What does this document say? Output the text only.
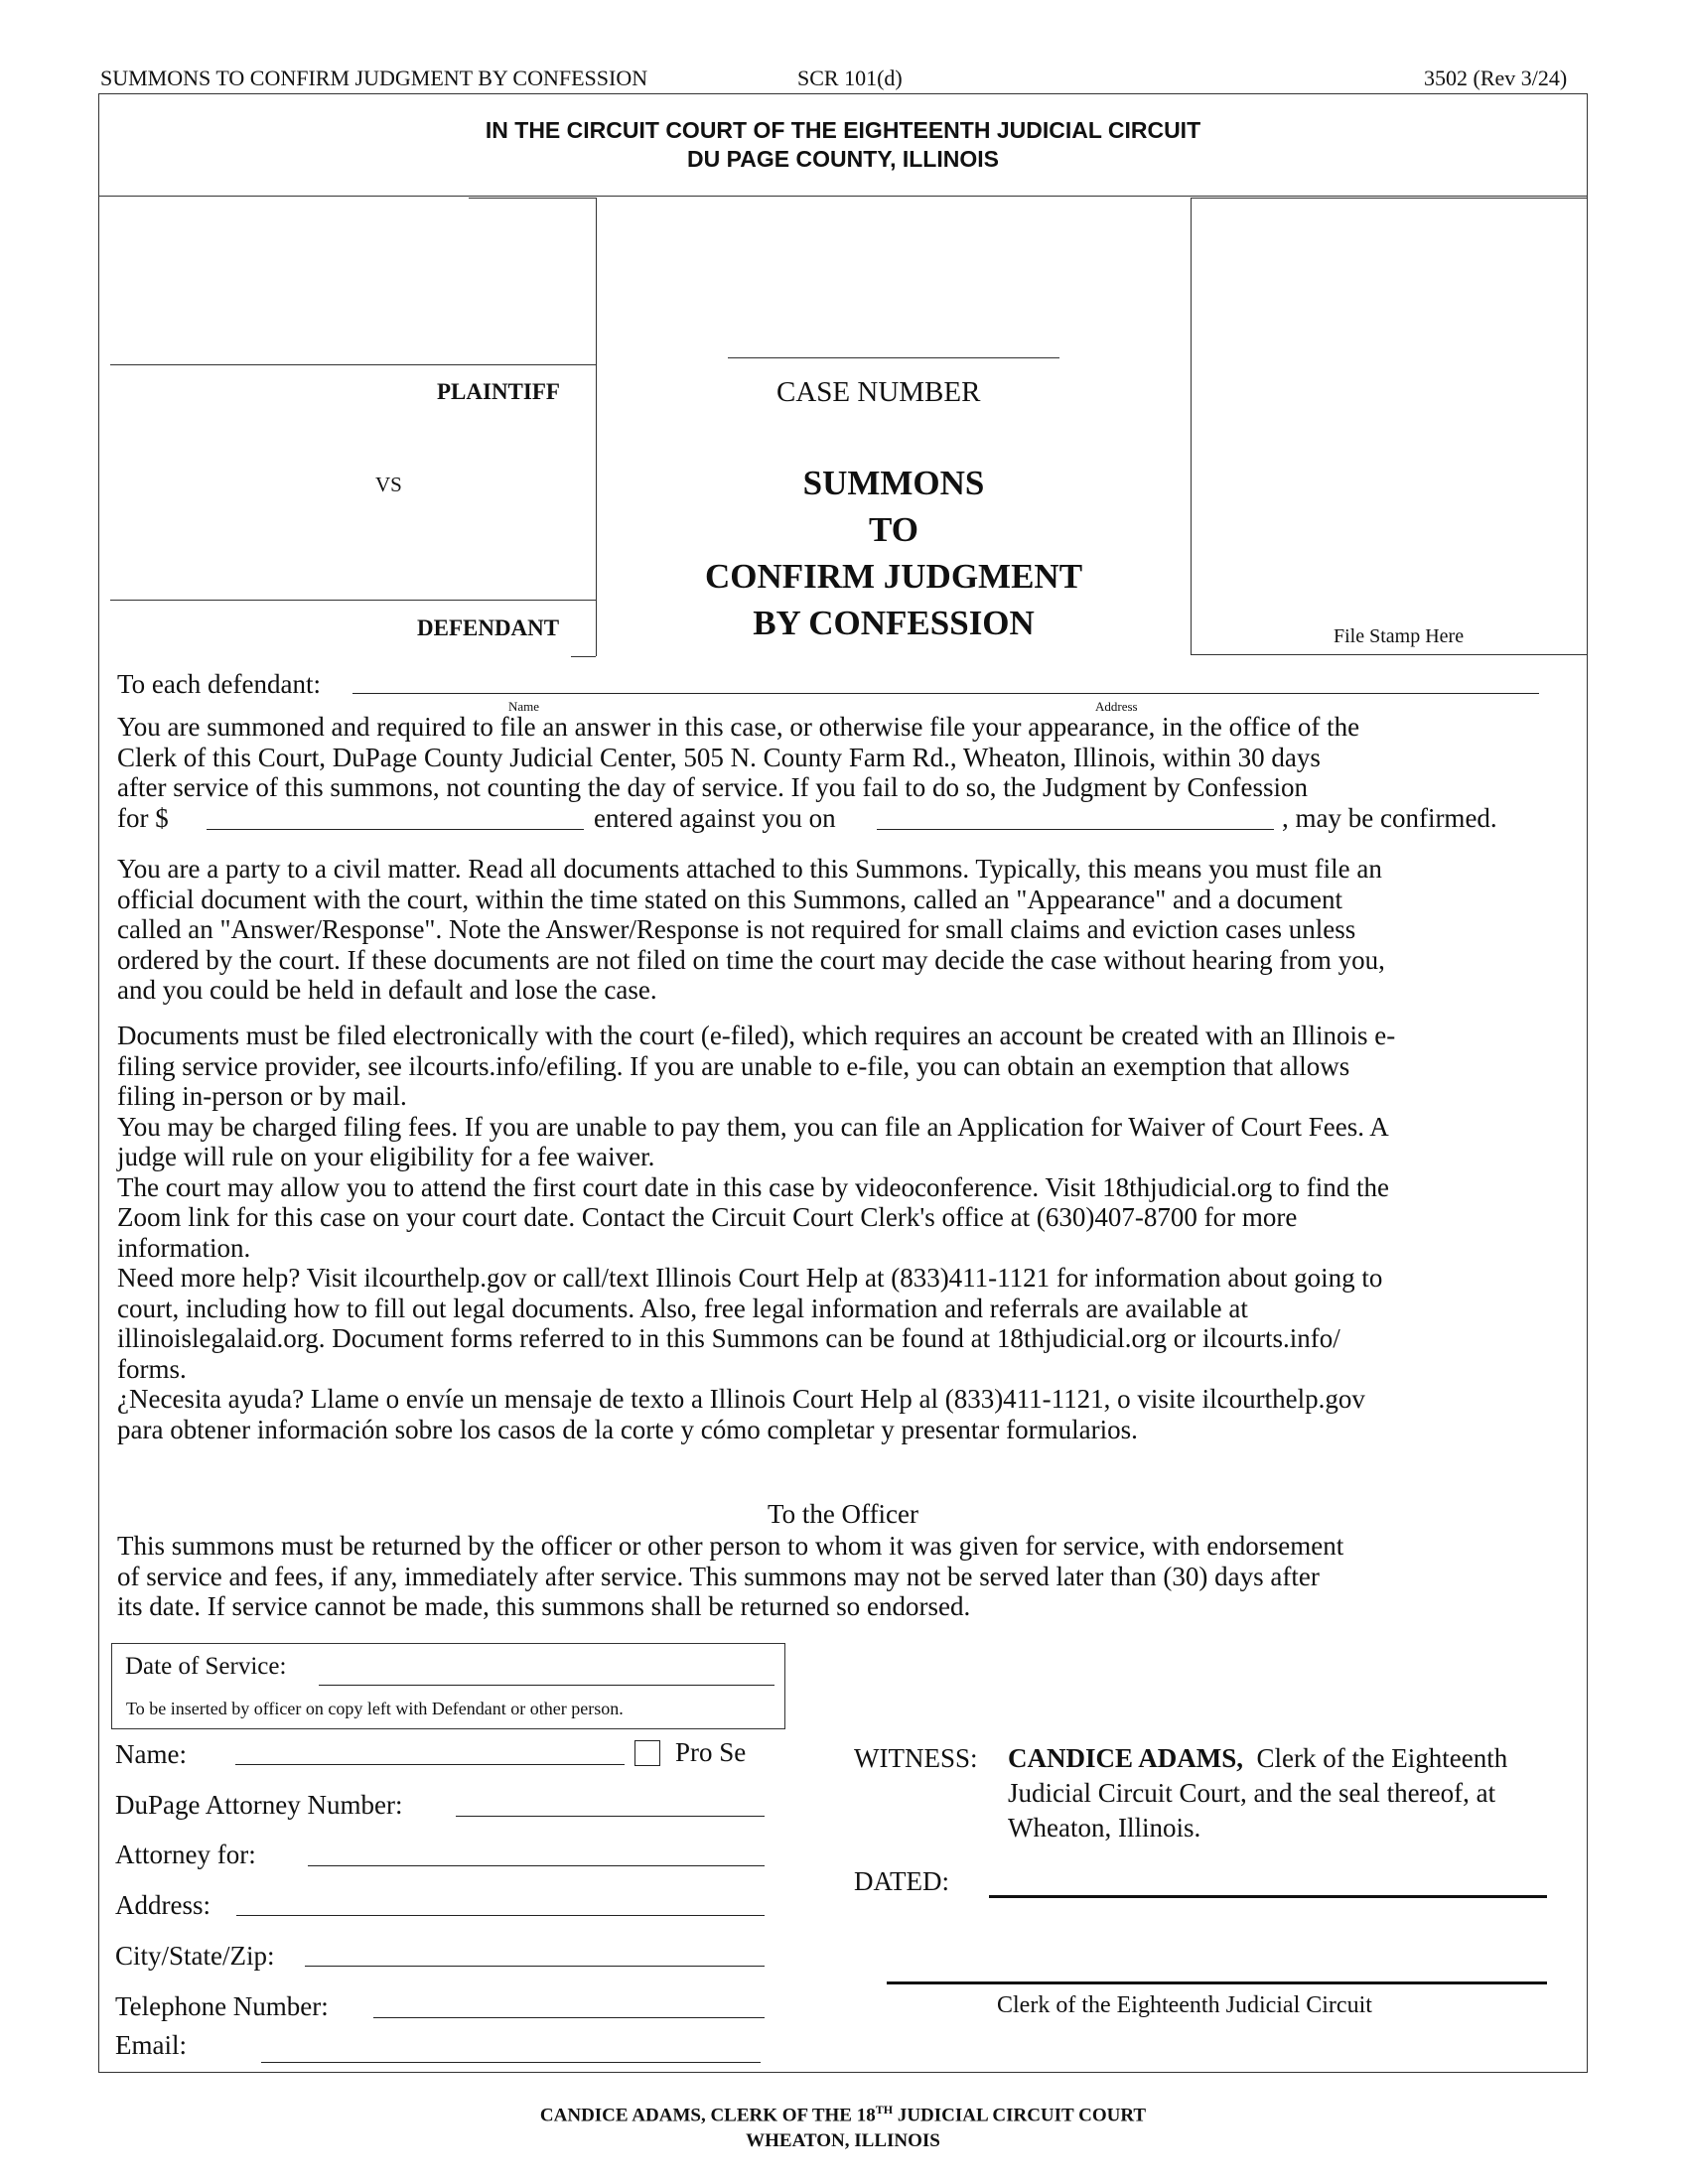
SUMMONS TO CONFIRM JUDGMENT BY CONFESSION	SCR 101(d)	3502 (Rev 3/24)
IN THE CIRCUIT COURT OF THE EIGHTEENTH JUDICIAL CIRCUIT
DU PAGE COUNTY, ILLINOIS
PLAINTIFF
VS
DEFENDANT
CASE NUMBER
SUMMONS
TO
CONFIRM JUDGMENT
BY CONFESSION	File Stamp Here
To each defendant:
Name	Address
You are summoned and required to file an answer in this case, or otherwise file your appearance, in the office of the
Clerk of this Court, DuPage County Judicial Center, 505 N. County Farm Rd., Wheaton, Illinois, within 30 days
after service of this summons, not counting the day of service. If you fail to do so, the Judgment by Confession
for $	entered against you on	, may be confirmed.

You are a party to a civil matter. Read all documents attached to this Summons. Typically, this means you must file an
official document with the court, within the time stated on this Summons, called an "Appearance" and a document
called an "Answer/Response". Note the Answer/Response is not required for small claims and eviction cases unless
ordered by the court. If these documents are not filed on time the court may decide the case without hearing from you,
and you could be held in default and lose the case.

Documents must be filed electronically with the court (e-filed), which requires an account be created with an Illinois e-
filing service provider, see ilcourts.info/efiling. If you are unable to e-file, you can obtain an exemption that allows
filing in-person or by mail.
You may be charged filing fees. If you are unable to pay them, you can file an Application for Waiver of Court Fees. A
judge will rule on your eligibility for a fee waiver.
The court may allow you to attend the first court date in this case by videoconference. Visit 18thjudicial.org to find the
Zoom link for this case on your court date. Contact the Circuit Court Clerk's office at (630)407-8700 for more
information.
Need more help? Visit ilcourthelp.gov or call/text Illinois Court Help at (833)411-1121 for information about going to
court, including how to fill out legal documents. Also, free legal information and referrals are available at
illinoislegalaid.org. Document forms referred to in this Summons can be found at 18thjudicial.org or ilcourts.info/
forms.
¿Necesita ayuda? Llame o envíe un mensaje de texto a Illinois Court Help al (833)411-1121, o visite ilcourthelp.gov
para obtener información sobre los casos de la corte y cómo completar y presentar formularios.

To the Officer

This summons must be returned by the officer or other person to whom it was given for service, with endorsement
of service and fees, if any, immediately after service. This summons may not be served later than (30) days after
its date. If service cannot be made, this summons shall be returned so endorsed.

Date of Service:
To be inserted by officer on copy left with Defendant or other person.
Name:	Pro Se
DuPage Attorney Number:
Attorney for:
Address:
City/State/Zip:
Telephone Number:
Email:
WITNESS: CANDICE ADAMS, Clerk of the Eighteenth
Judicial Circuit Court, and the seal thereof, at
Wheaton, Illinois.
DATED:
Clerk of the Eighteenth Judicial Circuit
CANDICE ADAMS, CLERK OF THE 18TH JUDICIAL CIRCUIT COURT
WHEATON, ILLINOIS
